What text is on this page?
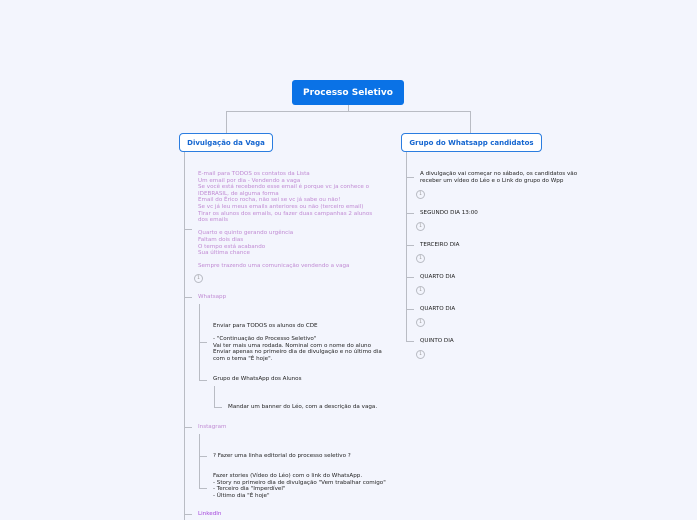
Processo Seletivo
Divulgação da Vaga	Grupo do Whatsapp candidatos
E-mail para TODOS os contatos da Lista
Um email por dia - Vendendo a vaga
Se você está recebendo esse email é porque vc ja conhece o
IDEBRASIL, de alguma forma
Email do Érico rocha, não sei se vc já sabe ou não!
Se vc já leu meus emails anteriores ou não (terceiro email)
Tirar os alunos dos emails, ou fazer duas campanhas 2 alunos
dos emails

Quarto e quinto gerando urgência
Faltam dois dias
O tempo está acabando
Sua última chance

Sempre trazendo uma comunicação vendendo a vaga
1
Whatsapp
Enviar para TODOS os alunos do CDE

- "Continuação do Processo Seletivo"
Vai ter mais uma rodada. Nominal com o nome do aluno
Enviar apenas no primeiro dia de divulgação e no último dia
com o tema "É hoje".
Grupo de WhatsApp dos Alunos
Mandar um banner do Léo, com a descrição da vaga.
Instagram
? Fazer uma linha editorial do processo seletivo ?
Fazer stories (Vídeo do Léo) com o link do WhatsApp.
- Story no primeiro dia de divulgação "Vem trabalhar comigo"
- Terceiro dia "Imperdível"
- Último dia "É hoje"
LinkedIn
A divulgação vai começar no sábado, os candidatos vão
receber um vídeo do Léo e o Link do grupo do Wpp
1
SEGUNDO DIA 13:00
1
TERCEIRO DIA
1
QUARTO DIA
1
QUARTO DIA
1
QUINTO DIA
1
